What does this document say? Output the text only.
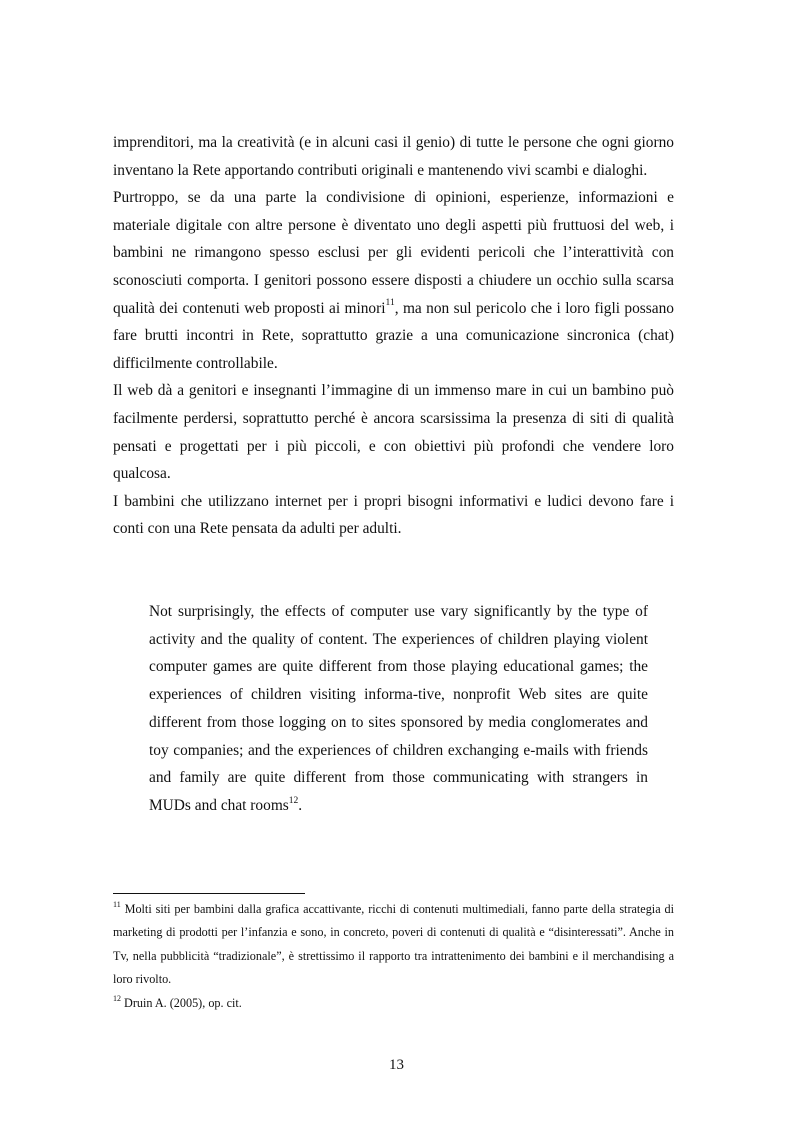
imprenditori, ma la creatività (e in alcuni casi il genio) di tutte le persone che ogni giorno inventano la Rete apportando contributi originali e mantenendo vivi scambi e dialoghi.

Purtroppo, se da una parte la condivisione di opinioni, esperienze, informazioni e materiale digitale con altre persone è diventato uno degli aspetti più fruttuosi del web, i bambini ne rimangono spesso esclusi per gli evidenti pericoli che l’interattività con sconosciuti comporta. I genitori possono essere disposti a chiudere un occhio sulla scarsa qualità dei contenuti web proposti ai minori$^{11}$, ma non sul pericolo che i loro figli possano fare brutti incontri in Rete, soprattutto grazie a una comunicazione sincronica (chat) difficilmente controllabile.

Il web dà a genitori e insegnanti l’immagine di un immenso mare in cui un bambino può facilmente perdersi, soprattutto perché è ancora scarsissima la presenza di siti di qualità pensati e progettati per i più piccoli, e con obiettivi più profondi che vendere loro qualcosa.

I bambini che utilizzano internet per i propri bisogni informativi e ludici devono fare i conti con una Rete pensata da adulti per adulti.

Not surprisingly, the effects of computer use vary significantly by the type of activity and the quality of content. The experiences of children playing violent computer games are quite different from those playing educational games; the experiences of children visiting informa-tive, nonprofit Web sites are quite different from those logging on to sites sponsored by media conglomerates and toy companies; and the experiences of children exchanging e-mails with friends and family are quite different from those communicating with strangers in MUDs and chat rooms$^{12}$.

$^{11}$ Molti siti per bambini dalla grafica accattivante, ricchi di contenuti multimediali, fanno parte della strategia di marketing di prodotti per l’infanzia e sono, in concreto, poveri di contenuti di qualità e “disinteressati”. Anche in Tv, nella pubblicità “tradizionale”, è strettissimo il rapporto tra intrattenimento dei bambini e il merchandising a loro rivolto.

$^{12}$ Druin A. (2005), op. cit.

13
